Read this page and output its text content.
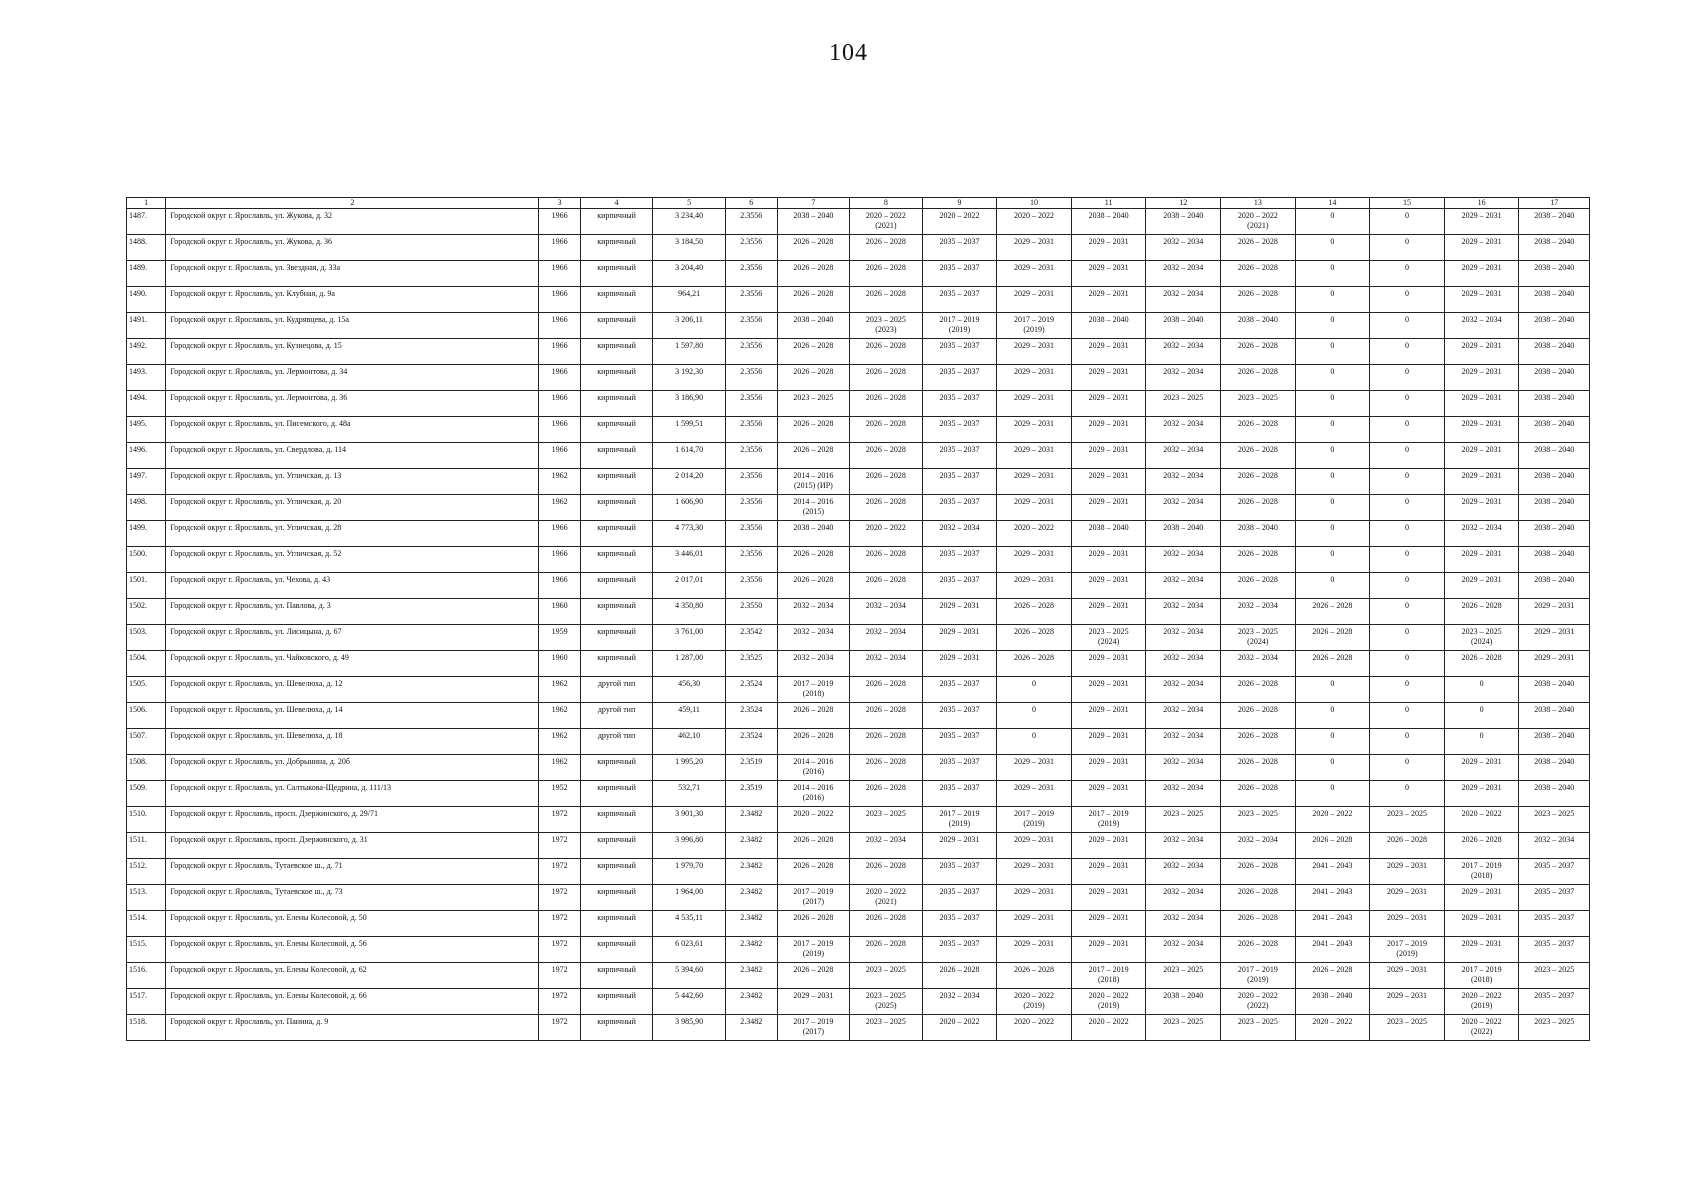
104
1	2	3	4	5	6	7	8	9	10	11	12	13	14	15	16	17
1487.	Городской округ г. Ярославль, ул. Жукова, д. 32	1966	кирпичный	3 234,40	2.3556	2038 – 2040	2020 – 2022
(2021)	2020 – 2022	2020 – 2022	2038 – 2040	2038 – 2040	2020 – 2022
(2021)	0	0	2029 – 2031	2038 – 2040
1488.	Городской округ г. Ярославль, ул. Жукова, д. 36	1966	кирпичный	3 184,50	2.3556	2026 – 2028	2026 – 2028	2035 – 2037	2029 – 2031	2029 – 2031	2032 – 2034	2026 – 2028	0	0	2029 – 2031	2038 – 2040
1489.	Городской округ г. Ярославль, ул. Звездная, д. 33а	1966	кирпичный	3 204,40	2.3556	2026 – 2028	2026 – 2028	2035 – 2037	2029 – 2031	2029 – 2031	2032 – 2034	2026 – 2028	0	0	2029 – 2031	2038 – 2040
1490.	Городской округ г. Ярославль, ул. Клубная, д. 9а	1966	кирпичный	964,21	2.3556	2026 – 2028	2026 – 2028	2035 – 2037	2029 – 2031	2029 – 2031	2032 – 2034	2026 – 2028	0	0	2029 – 2031	2038 – 2040
1491.	Городской округ г. Ярославль, ул. Кудрявцева, д. 15а	1966	кирпичный	3 206,11	2.3556	2038 – 2040	2023 – 2025
(2023)	2017 – 2019
(2019)	2017 – 2019
(2019)	2038 – 2040	2038 – 2040	2038 – 2040	0	0	2032 – 2034	2038 – 2040
1492.	Городской округ г. Ярославль, ул. Кузнецова, д. 15	1966	кирпичный	1 597,80	2.3556	2026 – 2028	2026 – 2028	2035 – 2037	2029 – 2031	2029 – 2031	2032 – 2034	2026 – 2028	0	0	2029 – 2031	2038 – 2040
1493.	Городской округ г. Ярославль, ул. Лермонтова, д. 34	1966	кирпичный	3 192,30	2.3556	2026 – 2028	2026 – 2028	2035 – 2037	2029 – 2031	2029 – 2031	2032 – 2034	2026 – 2028	0	0	2029 – 2031	2038 – 2040
1494.	Городской округ г. Ярославль, ул. Лермонтова, д. 36	1966	кирпичный	3 186,90	2.3556	2023 – 2025	2026 – 2028	2035 – 2037	2029 – 2031	2029 – 2031	2023 – 2025	2023 – 2025	0	0	2029 – 2031	2038 – 2040
1495.	Городской округ г. Ярославль, ул. Писемского, д. 48а	1966	кирпичный	1 599,51	2.3556	2026 – 2028	2026 – 2028	2035 – 2037	2029 – 2031	2029 – 2031	2032 – 2034	2026 – 2028	0	0	2029 – 2031	2038 – 2040
1496.	Городской округ г. Ярославль, ул. Свердлова, д. 114	1966	кирпичный	1 614,70	2.3556	2026 – 2028	2026 – 2028	2035 – 2037	2029 – 2031	2029 – 2031	2032 – 2034	2026 – 2028	0	0	2029 – 2031	2038 – 2040
1497.	Городской округ г. Ярославль, ул. Угличская, д. 13	1962	кирпичный	2 014,20	2.3556	2014 – 2016
(2015) (ИР)	2026 – 2028	2035 – 2037	2029 – 2031	2029 – 2031	2032 – 2034	2026 – 2028	0	0	2029 – 2031	2038 – 2040
1498.	Городской округ г. Ярославль, ул. Угличская, д. 20	1962	кирпичный	1 606,90	2.3556	2014 – 2016
(2015)	2026 – 2028	2035 – 2037	2029 – 2031	2029 – 2031	2032 – 2034	2026 – 2028	0	0	2029 – 2031	2038 – 2040
1499.	Городской округ г. Ярославль, ул. Угличская, д. 28	1966	кирпичный	4 773,30	2.3556	2038 – 2040	2020 – 2022	2032 – 2034	2020 – 2022	2038 – 2040	2038 – 2040	2038 – 2040	0	0	2032 – 2034	2038 – 2040
1500.	Городской округ г. Ярославль, ул. Угличская, д. 52	1966	кирпичный	3 446,01	2.3556	2026 – 2028	2026 – 2028	2035 – 2037	2029 – 2031	2029 – 2031	2032 – 2034	2026 – 2028	0	0	2029 – 2031	2038 – 2040
1501.	Городской округ г. Ярославль, ул. Чехова, д. 43	1966	кирпичный	2 017,01	2.3556	2026 – 2028	2026 – 2028	2035 – 2037	2029 – 2031	2029 – 2031	2032 – 2034	2026 – 2028	0	0	2029 – 2031	2038 – 2040
1502.	Городской округ г. Ярославль, ул. Павлова, д. 3	1960	кирпичный	4 350,80	2.3550	2032 – 2034	2032 – 2034	2029 – 2031	2026 – 2028	2029 – 2031	2032 – 2034	2032 – 2034	2026 – 2028	0	2026 – 2028	2029 – 2031
1503.	Городской округ г. Ярославль, ул. Лисицына, д. 67	1959	кирпичный	3 761,00	2.3542	2032 – 2034	2032 – 2034	2029 – 2031	2026 – 2028	2023 – 2025
(2024)	2032 – 2034	2023 – 2025
(2024)	2026 – 2028	0	2023 – 2025
(2024)	2029 – 2031
1504.	Городской округ г. Ярославль, ул. Чайковского, д. 49	1960	кирпичный	1 287,00	2.3525	2032 – 2034	2032 – 2034	2029 – 2031	2026 – 2028	2029 – 2031	2032 – 2034	2032 – 2034	2026 – 2028	0	2026 – 2028	2029 – 2031
1505.	Городской округ г. Ярославль, ул. Шевелюха, д. 12	1962	другой тип	456,30	2.3524	2017 – 2019
(2018)	2026 – 2028	2035 – 2037	0	2029 – 2031	2032 – 2034	2026 – 2028	0	0	0	2038 – 2040
1506.	Городской округ г. Ярославль, ул. Шевелюха, д. 14	1962	другой тип	459,11	2.3524	2026 – 2028	2026 – 2028	2035 – 2037	0	2029 – 2031	2032 – 2034	2026 – 2028	0	0	0	2038 – 2040
1507.	Городской округ г. Ярославль, ул. Шевелюха, д. 18	1962	другой тип	462,10	2.3524	2026 – 2028	2026 – 2028	2035 – 2037	0	2029 – 2031	2032 – 2034	2026 – 2028	0	0	0	2038 – 2040
1508.	Городской округ г. Ярославль, ул. Добрынина, д. 20б	1962	кирпичный	1 995,20	2.3519	2014 – 2016
(2016)	2026 – 2028	2035 – 2037	2029 – 2031	2029 – 2031	2032 – 2034	2026 – 2028	0	0	2029 – 2031	2038 – 2040
1509.	Городской округ г. Ярославль, ул. Салтыкова-Щедрина, д. 111/13	1952	кирпичный	532,71	2.3519	2014 – 2016
(2016)	2026 – 2028	2035 – 2037	2029 – 2031	2029 – 2031	2032 – 2034	2026 – 2028	0	0	2029 – 2031	2038 – 2040
1510.	Городской округ г. Ярославль, просп. Дзержинского, д. 29/71	1972	кирпичный	3 901,30	2.3482	2020 – 2022	2023 – 2025	2017 – 2019
(2019)	2017 – 2019
(2019)	2017 – 2019
(2019)	2023 – 2025	2023 – 2025	2020 – 2022	2023 – 2025	2020 – 2022	2023 – 2025
1511.	Городской округ г. Ярославль, просп. Дзержинского, д. 31	1972	кирпичный	3 996,80	2.3482	2026 – 2028	2032 – 2034	2029 – 2031	2029 – 2031	2029 – 2031	2032 – 2034	2032 – 2034	2026 – 2028	2026 – 2028	2026 – 2028	2032 – 2034
1512.	Городской округ г. Ярославль, Тутаевское ш., д. 71	1972	кирпичный	1 979,70	2.3482	2026 – 2028	2026 – 2028	2035 – 2037	2029 – 2031	2029 – 2031	2032 – 2034	2026 – 2028	2041 – 2043	2029 – 2031	2017 – 2019
(2018)	2035 – 2037
1513.	Городской округ г. Ярославль, Тутаевское ш., д. 73	1972	кирпичный	1 964,00	2.3482	2017 – 2019
(2017)	2020 – 2022
(2021)	2035 – 2037	2029 – 2031	2029 – 2031	2032 – 2034	2026 – 2028	2041 – 2043	2029 – 2031	2029 – 2031	2035 – 2037
1514.	Городской округ г. Ярославль, ул. Елены Колесовой, д. 50	1972	кирпичный	4 535,11	2.3482	2026 – 2028	2026 – 2028	2035 – 2037	2029 – 2031	2029 – 2031	2032 – 2034	2026 – 2028	2041 – 2043	2029 – 2031	2029 – 2031	2035 – 2037
1515.	Городской округ г. Ярославль, ул. Елены Колесовой, д. 56	1972	кирпичный	6 023,61	2.3482	2017 – 2019
(2019)	2026 – 2028	2035 – 2037	2029 – 2031	2029 – 2031	2032 – 2034	2026 – 2028	2041 – 2043	2017 – 2019
(2019)	2029 – 2031	2035 – 2037
1516.	Городской округ г. Ярославль, ул. Елены Колесовой, д. 62	1972	кирпичный	5 394,60	2.3482	2026 – 2028	2023 – 2025	2026 – 2028	2026 – 2028	2017 – 2019
(2018)	2023 – 2025	2017 – 2019
(2019)	2026 – 2028	2029 – 2031	2017 – 2019
(2018)	2023 – 2025
1517.	Городской округ г. Ярославль, ул. Елены Колесовой, д. 66	1972	кирпичный	5 442,60	2.3482	2029 – 2031	2023 – 2025
(2025)	2032 – 2034	2020 – 2022
(2019)	2020 – 2022
(2019)	2038 – 2040	2020 – 2022
(2022)	2038 – 2040	2029 – 2031	2020 – 2022
(2019)	2035 – 2037
1518.	Городской округ г. Ярославль, ул. Панина, д. 9	1972	кирпичный	3 985,90	2.3482	2017 – 2019
(2017)	2023 – 2025	2020 – 2022	2020 – 2022	2020 – 2022	2023 – 2025	2023 – 2025	2020 – 2022	2023 – 2025	2020 – 2022
(2022)	2023 – 2025
